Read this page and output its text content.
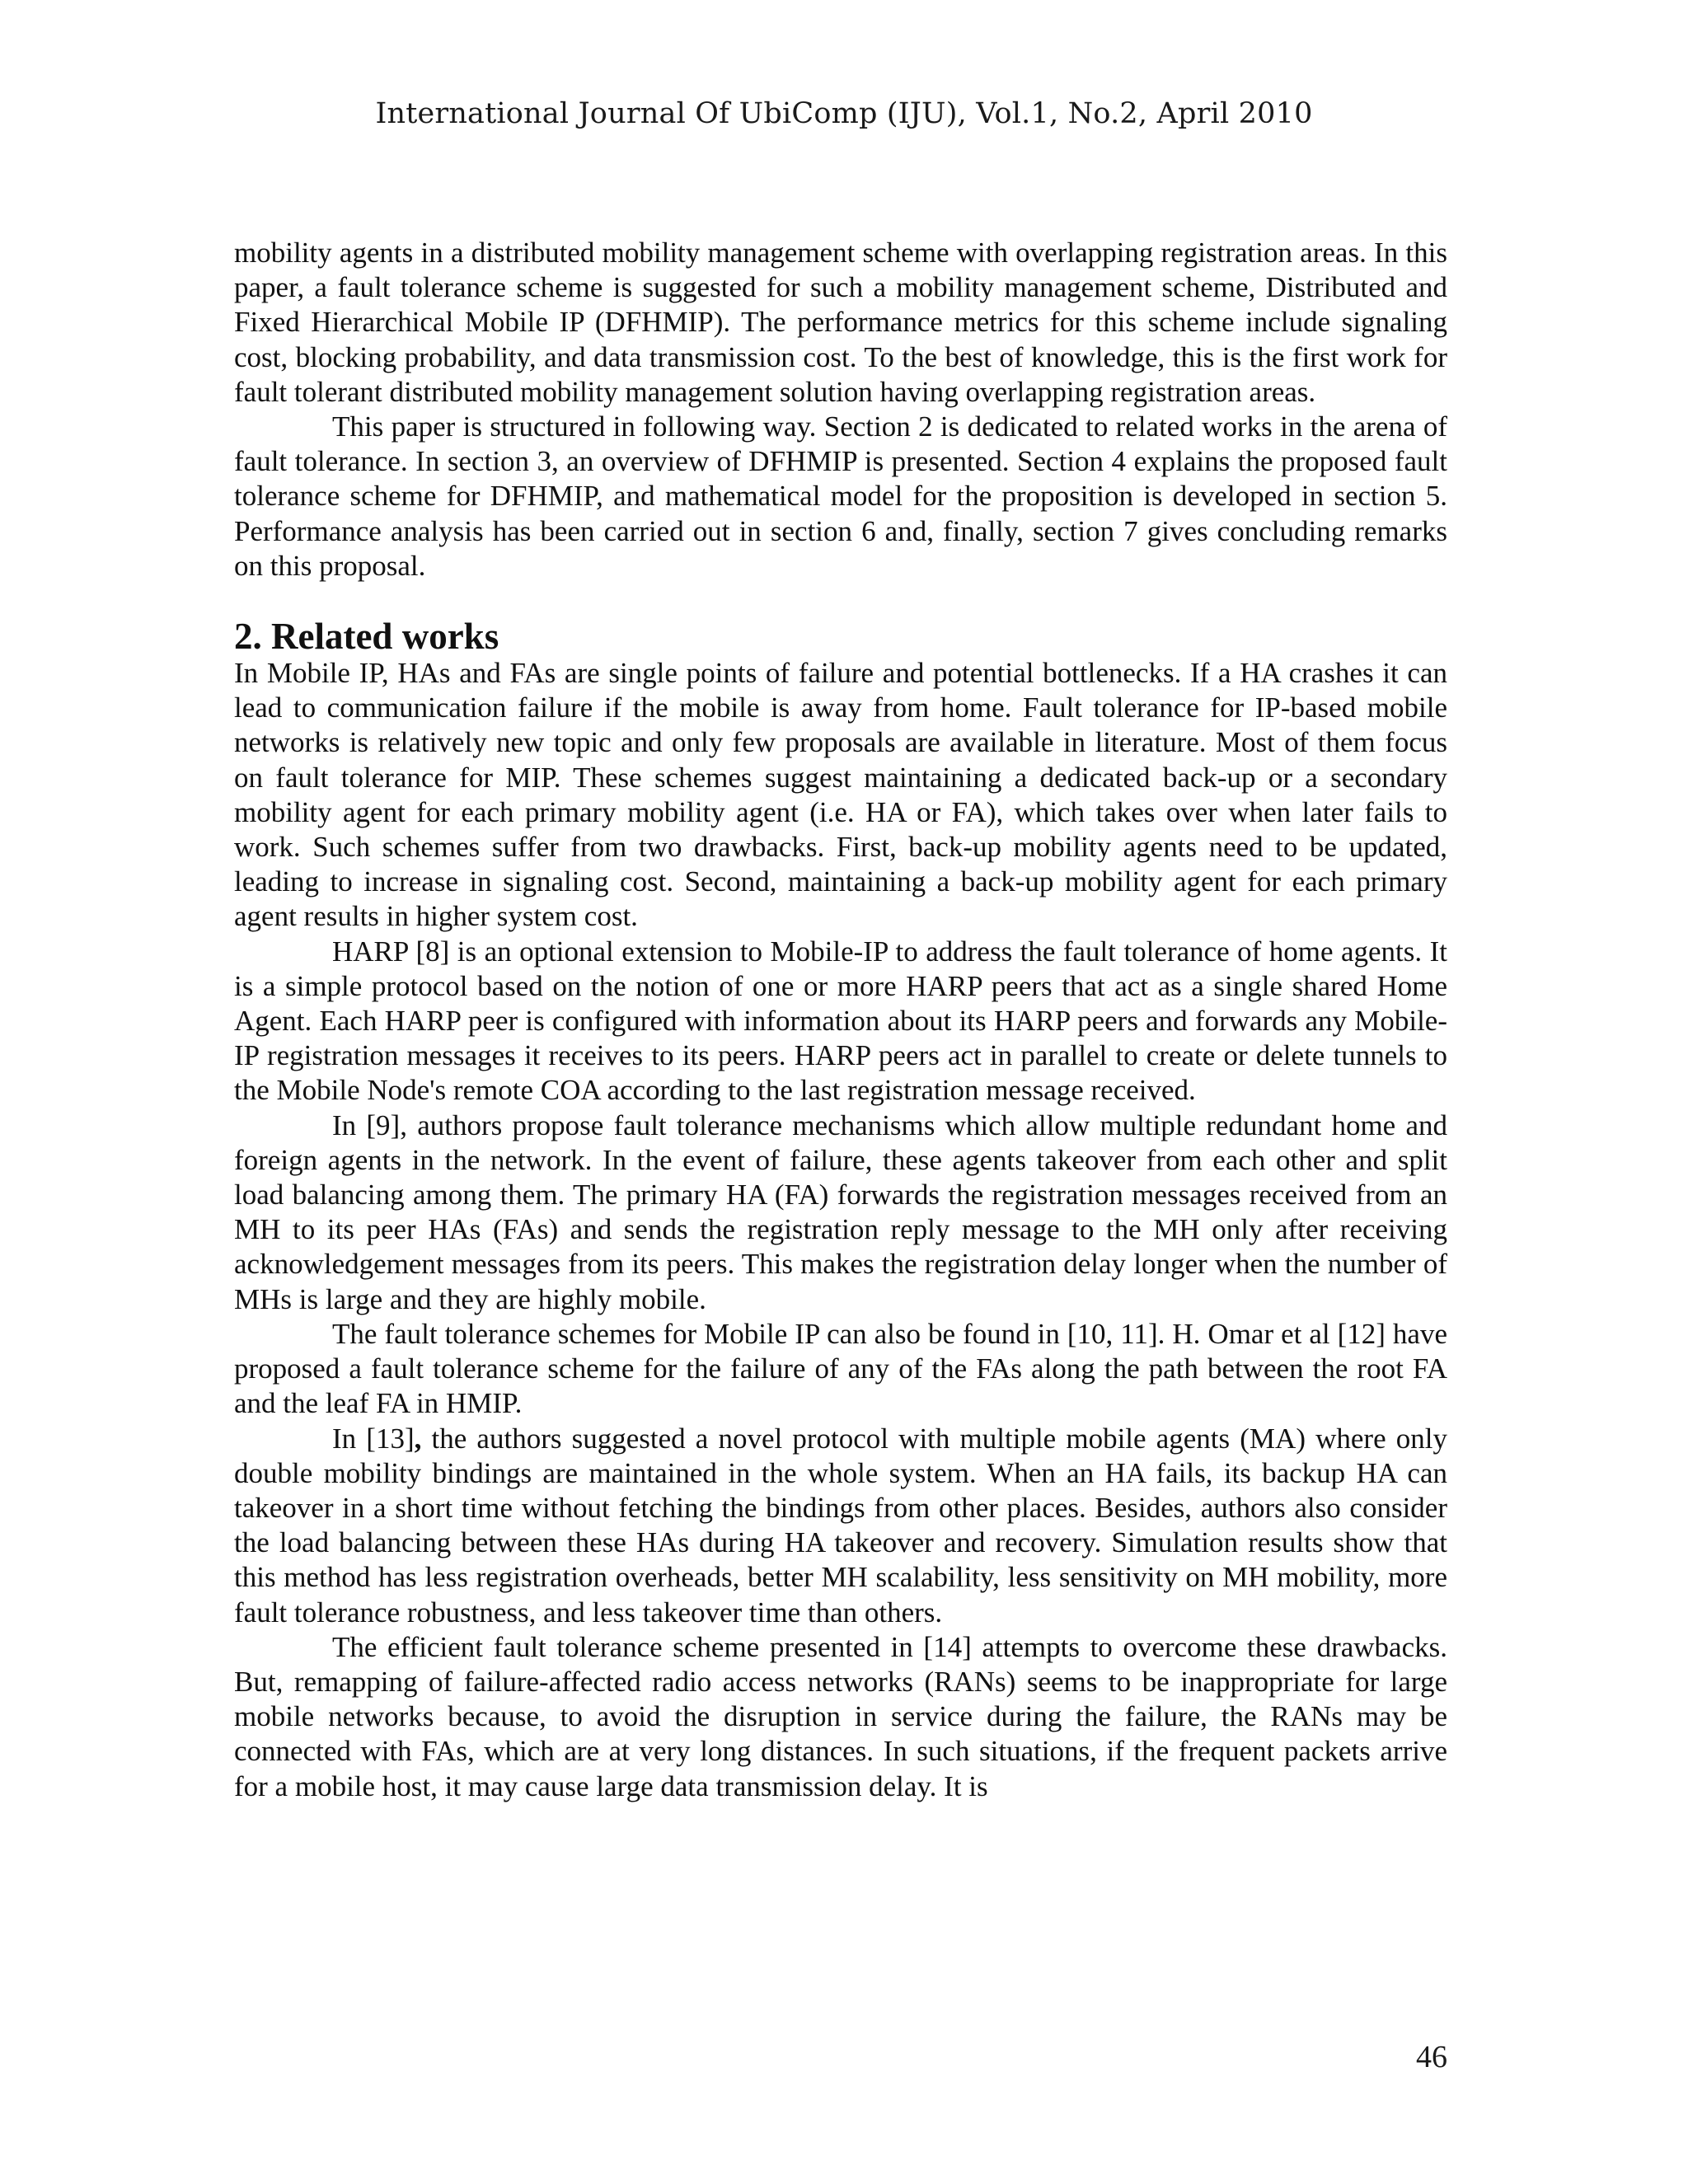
International Journal Of UbiComp (IJU), Vol.1, No.2, April 2010

mobility agents in a distributed mobility management scheme with overlapping registration areas. In this paper, a fault tolerance scheme is suggested for such a mobility management scheme, Distributed and Fixed Hierarchical Mobile IP (DFHMIP). The performance metrics for this scheme include signaling cost, blocking probability, and data transmission cost. To the best of knowledge, this is the first work for fault tolerant distributed mobility management solution having overlapping registration areas.

This paper is structured in following way. Section 2 is dedicated to related works in the arena of fault tolerance. In section 3, an overview of DFHMIP is presented. Section 4 explains the proposed fault tolerance scheme for DFHMIP, and mathematical model for the proposition is developed in section 5. Performance analysis has been carried out in section 6 and, finally, section 7 gives concluding remarks on this proposal.

2. Related works

In Mobile IP, HAs and FAs are single points of failure and potential bottlenecks. If a HA crashes it can lead to communication failure if the mobile is away from home. Fault tolerance for IP-based mobile networks is relatively new topic and only few proposals are available in literature. Most of them focus on fault tolerance for MIP. These schemes suggest maintaining a dedicated back-up or a secondary mobility agent for each primary mobility agent (i.e. HA or FA), which takes over when later fails to work. Such schemes suffer from two drawbacks. First, back-up mobility agents need to be updated, leading to increase in signaling cost. Second, maintaining a back-up mobility agent for each primary agent results in higher system cost.

HARP [8] is an optional extension to Mobile-IP to address the fault tolerance of home agents. It is a simple protocol based on the notion of one or more HARP peers that act as a single shared Home Agent. Each HARP peer is configured with information about its HARP peers and forwards any Mobile-IP registration messages it receives to its peers. HARP peers act in parallel to create or delete tunnels to the Mobile Node's remote COA according to the last registration message received.

In [9], authors propose fault tolerance mechanisms which allow multiple redundant home and foreign agents in the network. In the event of failure, these agents takeover from each other and split load balancing among them. The primary HA (FA) forwards the registration messages received from an MH to its peer HAs (FAs) and sends the registration reply message to the MH only after receiving acknowledgement messages from its peers. This makes the registration delay longer when the number of MHs is large and they are highly mobile.

The fault tolerance schemes for Mobile IP can also be found in [10, 11]. H. Omar et al [12] have proposed a fault tolerance scheme for the failure of any of the FAs along the path between the root FA and the leaf FA in HMIP.

In [13], the authors suggested a novel protocol with multiple mobile agents (MA) where only double mobility bindings are maintained in the whole system. When an HA fails, its backup HA can takeover in a short time without fetching the bindings from other places. Besides, authors also consider the load balancing between these HAs during HA takeover and recovery. Simulation results show that this method has less registration overheads, better MH scalability, less sensitivity on MH mobility, more fault tolerance robustness, and less takeover time than others.

The efficient fault tolerance scheme presented in [14] attempts to overcome these drawbacks. But, remapping of failure-affected radio access networks (RANs) seems to be inappropriate for large mobile networks because, to avoid the disruption in service during the failure, the RANs may be connected with FAs, which are at very long distances. In such situations, if the frequent packets arrive for a mobile host, it may cause large data transmission delay. It is

46
